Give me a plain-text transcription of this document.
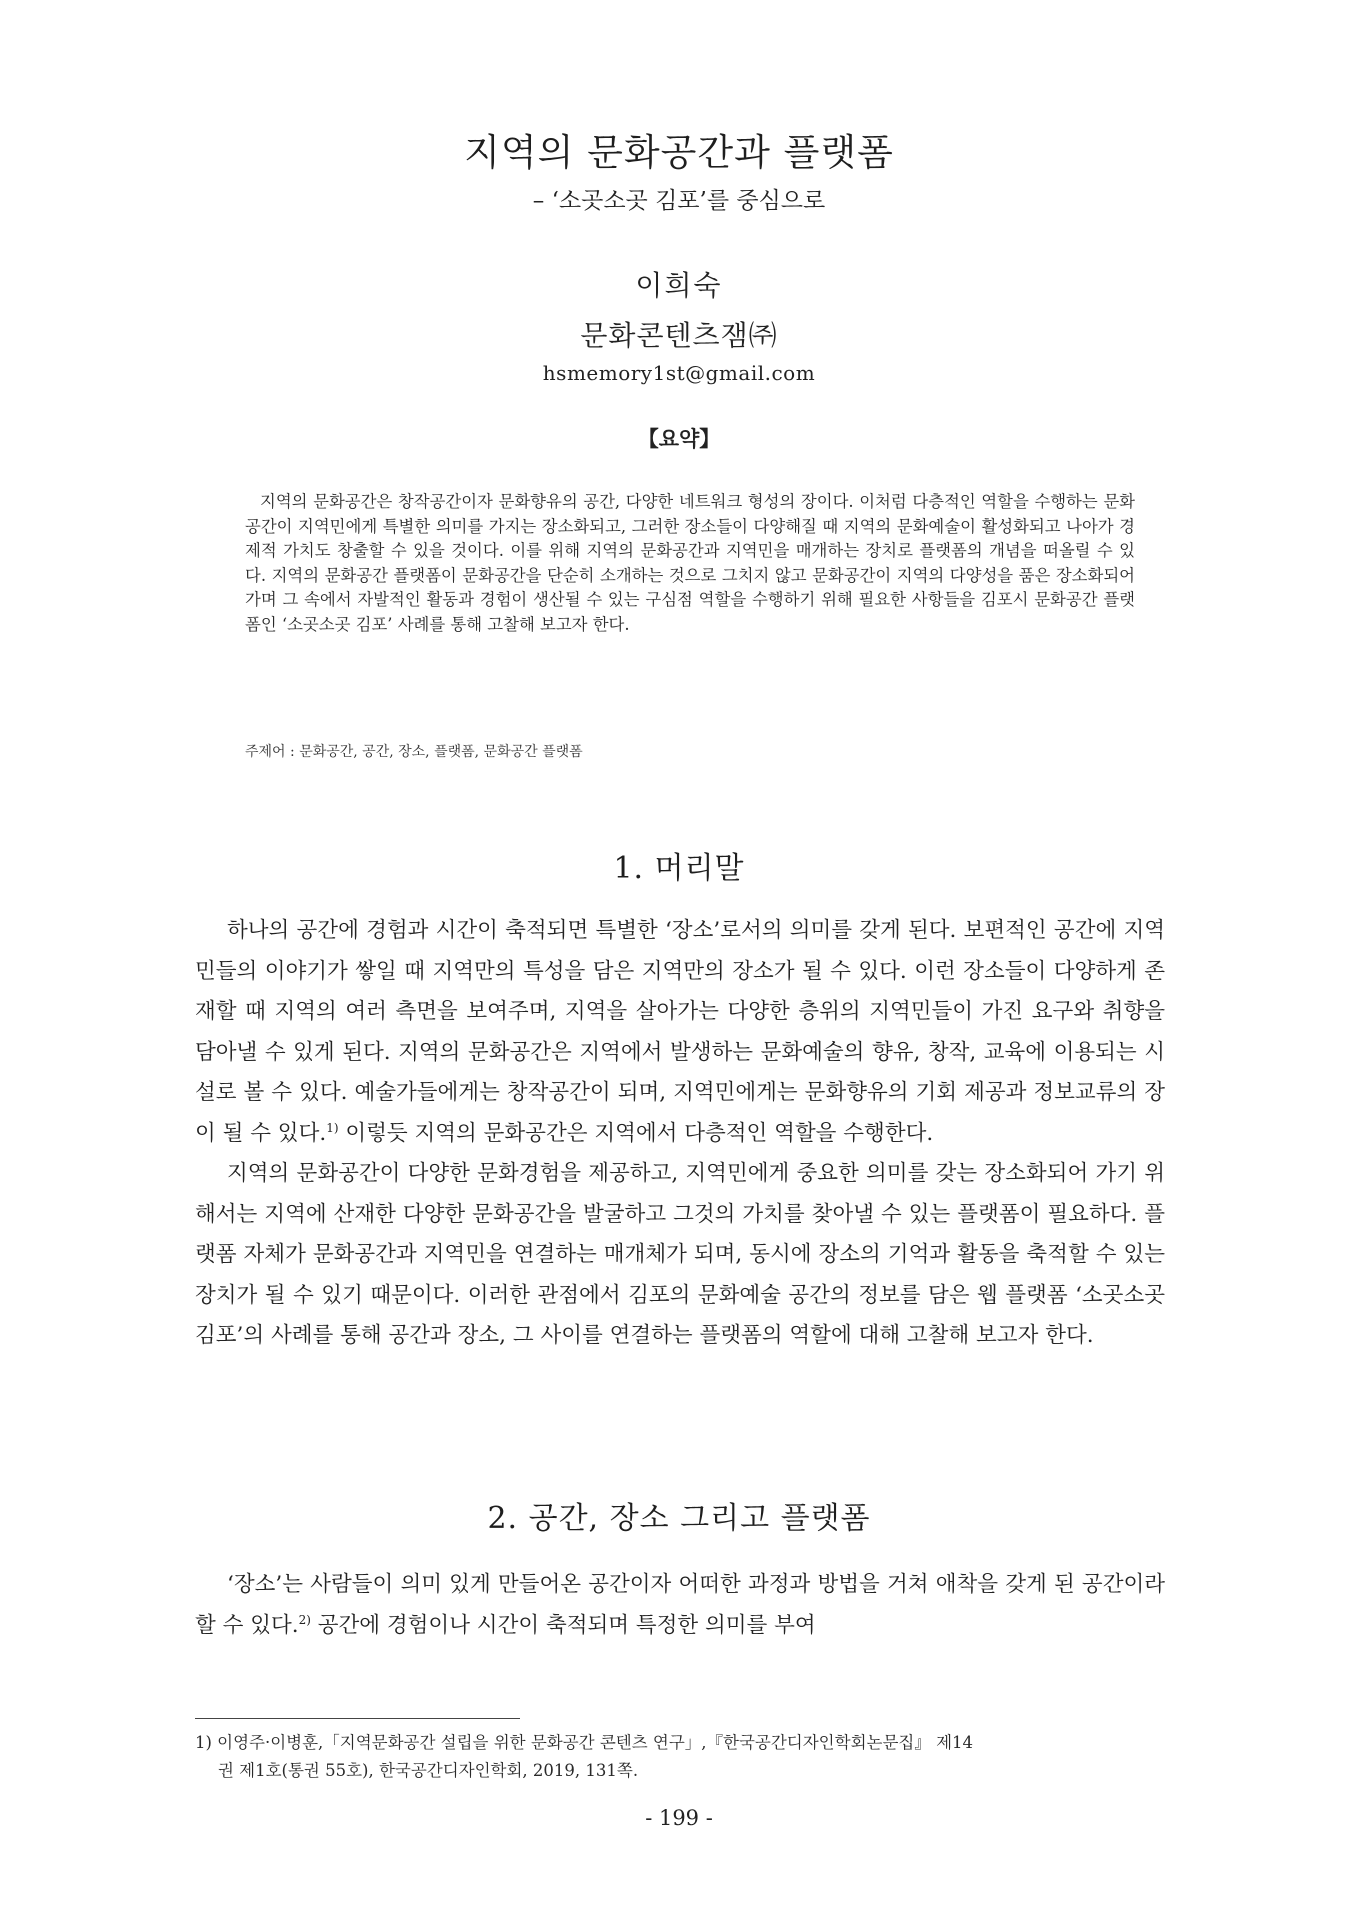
지역의 문화공간과 플랫폼
– ‘소곳소곳 김포’를 중심으로
이희숙
문화콘텐츠잼㈜
hsmemory1st@gmail.com
【요약】
지역의 문화공간은 창작공간이자 문화향유의 공간, 다양한 네트워크 형성의 장이다. 이처럼 다층적인 역할을 수행하는 문화공간이 지역민에게 특별한 의미를 가지는 장소화되고, 그러한 장소들이 다양해질 때 지역의 문화예술이 활성화되고 나아가 경제적 가치도 창출할 수 있을 것이다. 이를 위해 지역의 문화공간과 지역민을 매개하는 장치로 플랫폼의 개념을 떠올릴 수 있다. 지역의 문화공간 플랫폼이 문화공간을 단순히 소개하는 것으로 그치지 않고 문화공간이 지역의 다양성을 품은 장소화되어 가며 그 속에서 자발적인 활동과 경험이 생산될 수 있는 구심점 역할을 수행하기 위해 필요한 사항들을 김포시 문화공간 플랫폼인 ‘소곳소곳 김포’ 사례를 통해 고찰해 보고자 한다.
주제어 : 문화공간, 공간, 장소, 플랫폼, 문화공간 플랫폼
1. 머리말

하나의 공간에 경험과 시간이 축적되면 특별한 ‘장소’로서의 의미를 갖게 된다. 보편적인 공간에 지역민들의 이야기가 쌓일 때 지역만의 특성을 담은 지역만의 장소가 될 수 있다. 이런 장소들이 다양하게 존재할 때 지역의 여러 측면을 보여주며, 지역을 살아가는 다양한 층위의 지역민들이 가진 요구와 취향을 담아낼 수 있게 된다. 지역의 문화공간은 지역에서 발생하는 문화예술의 향유, 창작, 교육에 이용되는 시설로 볼 수 있다. 예술가들에게는 창작공간이 되며, 지역민에게는 문화향유의 기회 제공과 정보교류의 장이 될 수 있다.$^{1)}$ 이렇듯 지역의 문화공간은 지역에서 다층적인 역할을 수행한다.

지역의 문화공간이 다양한 문화경험을 제공하고, 지역민에게 중요한 의미를 갖는 장소화되어 가기 위해서는 지역에 산재한 다양한 문화공간을 발굴하고 그것의 가치를 찾아낼 수 있는 플랫폼이 필요하다. 플랫폼 자체가 문화공간과 지역민을 연결하는 매개체가 되며, 동시에 장소의 기억과 활동을 축적할 수 있는 장치가 될 수 있기 때문이다. 이러한 관점에서 김포의 문화예술 공간의 정보를 담은 웹 플랫폼 ‘소곳소곳 김포’의 사례를 통해 공간과 장소, 그 사이를 연결하는 플랫폼의 역할에 대해 고찰해 보고자 한다.

2. 공간, 장소 그리고 플랫폼

‘장소’는 사람들이 의미 있게 만들어온 공간이자 어떠한 과정과 방법을 거쳐 애착을 갖게 된 공간이라 할 수 있다.$^{2)}$ 공간에 경험이나 시간이 축적되며 특정한 의미를 부여

1) 이영주·이병훈,「지역문화공간 설립을 위한 문화공간 콘텐츠 연구」,『한국공간디자인학회논문집』 제14
권 제1호(통권 55호), 한국공간디자인학회, 2019, 131쪽.
- 199 -
